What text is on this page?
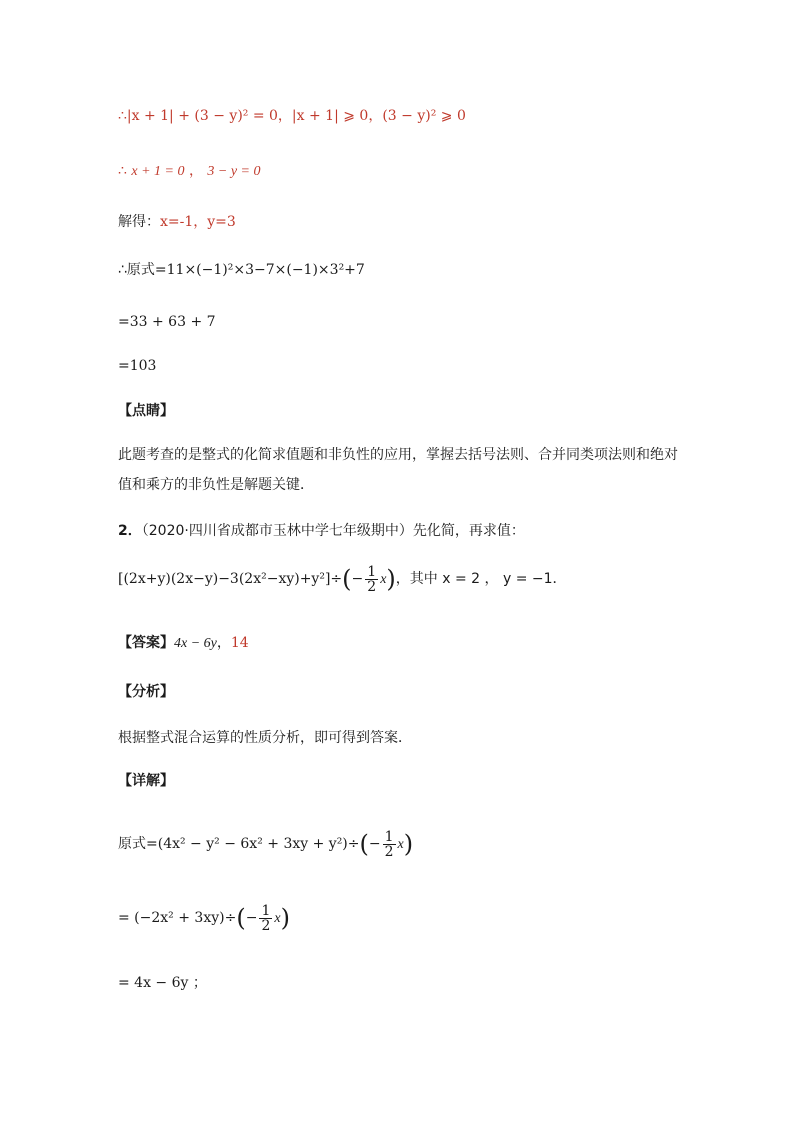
∴|x + 1| + (3 − y)² = 0，|x + 1| ⩾ 0，(3 − y)² ⩾ 0
∴ x + 1 = 0 ， 3 − y = 0
解得：x=-1，y=3
∴原式=11×(−1)²×3−7×(−1)×3²+7
=33 + 63 + 7
=103
【点睛】
此题考查的是整式的化简求值题和非负性的应用，掌握去括号法则、合并同类项法则和绝对值和乘方的非负性是解题关键．
2．（2020·四川省成都市玉林中学七年级期中）先化简，再求值：
$[(2x+y)(2x-y)-3(2x^2-xy)+y^2]\div(- \frac{1}{2} x)$，其中 x = 2 ， y = −1．
【答案】4x − 6y，14
【分析】
根据整式混合运算的性质分析，即可得到答案．
【详解】
原式$=(4x^2 - y^2 - 6x^2 + 3xy + y^2)\div(- \frac{1}{2} x)$
= $(-2x^2 + 3xy)\div(- \frac{1}{2} x)$
= 4x − 6y ；
